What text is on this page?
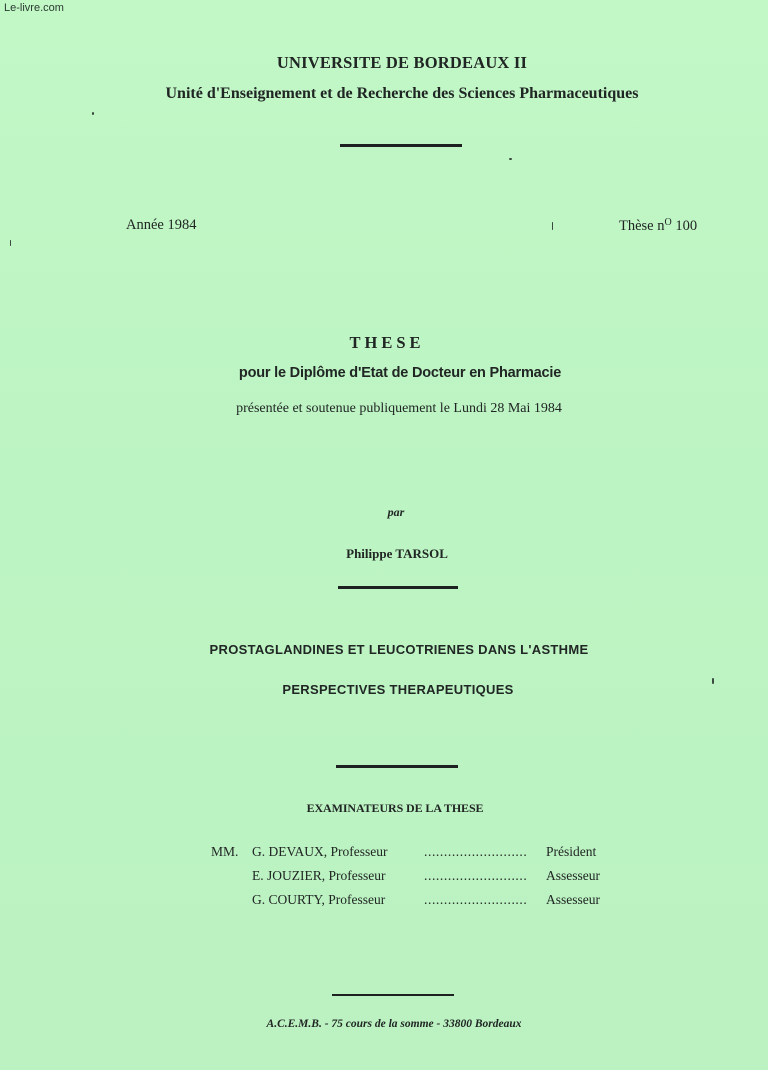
Le-livre.com
UNIVERSITE DE BORDEAUX II
Unité d'Enseignement et de Recherche des Sciences Pharmaceutiques
Année 1984	Thèse $n^O$ 100
THESE
pour le Diplôme d'Etat de Docteur en Pharmacie
présentée et soutenue publiquement le Lundi 28 Mai 1984
par
Philippe TARSOL
PROSTAGLANDINES ET LEUCOTRIENES DANS L'ASTHME
PERSPECTIVES THERAPEUTIQUES
EXAMINATEURS DE LA THESE
MM. G. DEVAUX, Professeur	..........................	Président
E. JOUZIER, Professeur	..........................	Assesseur
G. COURTY, Professeur	..........................	Assesseur
A.C.E.M.B. - 75 cours de la somme - 33800 Bordeaux
